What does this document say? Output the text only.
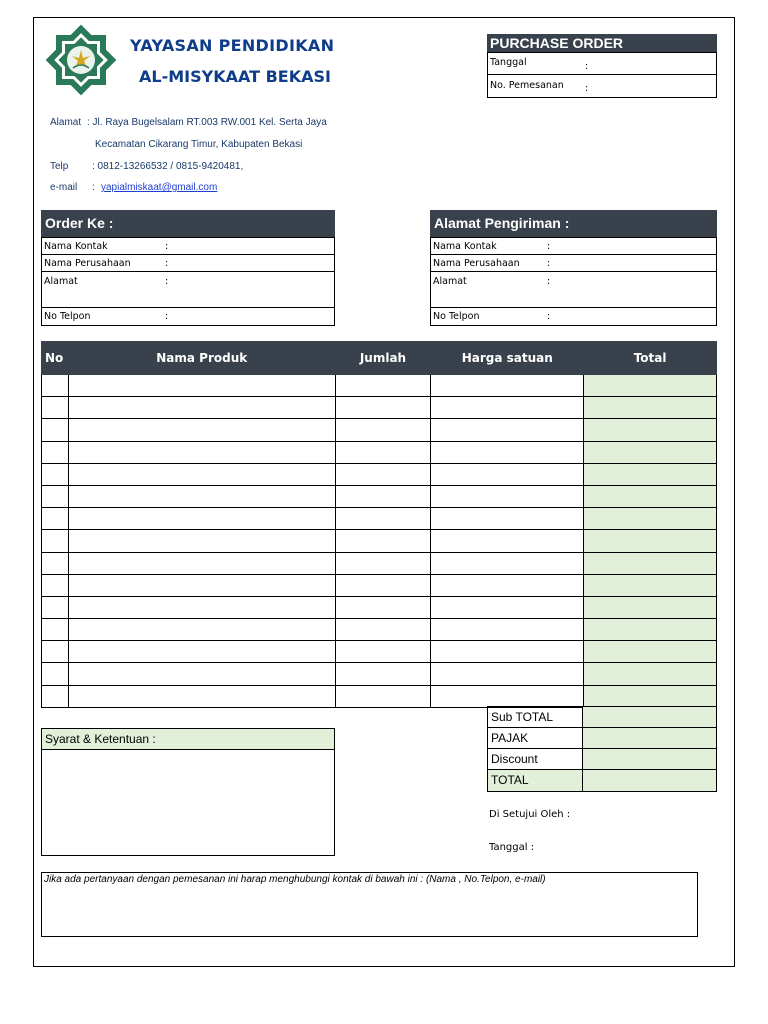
YAYASAN PENDIDIKAN
AL-MISYKAAT BEKASI
Alamat : Jl. Raya Bugelsalam RT.003 RW.001 Kel. Serta Jaya
Kecamatan Cikarang Timur, Kabupaten Bekasi
Telp : 0812-13266532 / 0815-9420481,
e-mail : yapialmiskaat@gmail.com
PURCHASE ORDER
Tanggal	:
No. Pemesanan :
Order Ke :
Nama Kontak	:
Nama Perusahaan	:
Alamat	:
No Telpon	:
Alamat Pengiriman :
Nama Kontak	:
Nama Perusahaan	:
Alamat	:
No Telpon	:
No	Nama Produk	Jumlah	Harga satuan	Total

Sub TOTAL
PAJAK
Discount
TOTAL
Syarat & Ketentuan :
Di Setujui Oleh :
Tanggal :
Jika ada pertanyaan dengan pemesanan ini harap menghubungi kontak di bawah ini : (Nama , No.Telpon, e-mail)
